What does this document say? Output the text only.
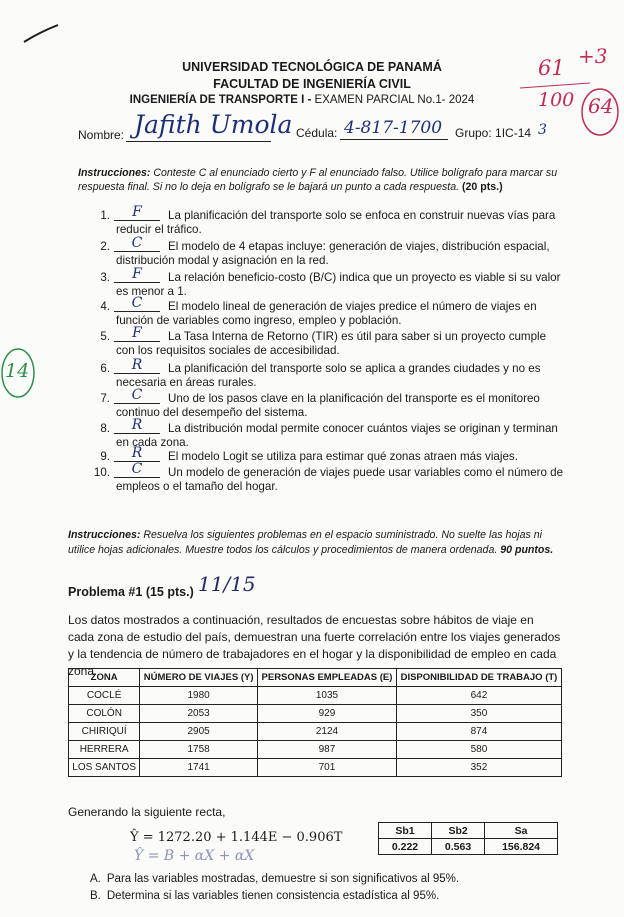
UNIVERSIDAD TECNOLÓGICA DE PANAMÁ
FACULTAD DE INGENIERÍA CIVIL
INGENIERÍA DE TRANSPORTE I - EXAMEN PARCIAL No.1- 2024
61 +3
100 64
Nombre: Jafith Umola Cédula: 4-817-1700 Grupo: 1IC-14 3
Instrucciones: Conteste C al enunciado cierto y F al enunciado falso. Utilice bolígrafo para marcar su respuesta final. Si no lo deja en bolígrafo se le bajará un punto a cada respuesta. (20 pts.)
14
La planificación del transporte solo se enfoca en construir nuevas vías para reducir el tráfico.
1.	F
El modelo de 4 etapas incluye: generación de viajes, distribución espacial, distribución modal y asignación en la red.
2.	C
La relación beneficio-costo (B/C) indica que un proyecto es viable si su valor es menor a 1.
3.	F
El modelo lineal de generación de viajes predice el número de viajes en función de variables como ingreso, empleo y población.
4.	C
La Tasa Interna de Retorno (TIR) es útil para saber si un proyecto cumple con los requisitos sociales de accesibilidad.
5.	F
La planificación del transporte solo se aplica a grandes ciudades y no es necesaria en áreas rurales.
6.	R
Uno de los pasos clave en la planificación del transporte es el monitoreo continuo del desempeño del sistema.
7.	C
La distribución modal permite conocer cuántos viajes se originan y terminan en cada zona.
8.	R
El modelo Logit se utiliza para estimar qué zonas atraen más viajes.
9.	R
Un modelo de generación de viajes puede usar variables como el número de empleos o el tamaño del hogar.
10.	C
Instrucciones: Resuelva los siguientes problemas en el espacio suministrado. No suelte las hojas ni utilice hojas adicionales. Muestre todos los cálculos y procedimientos de manera ordenada. 90 puntos.
Problema #1 (15 pts.) 11/15
Los datos mostrados a continuación, resultados de encuestas sobre hábitos de viaje en cada zona de estudio del país, demuestran una fuerte correlación entre los viajes generados y la tendencia de número de trabajadores en el hogar y la disponibilidad de empleo en cada zona
ZONA	NÚMERO DE VIAJES (Y)	PERSONAS EMPLEADAS (E)	DISPONIBILIDAD DE TRABAJO (T)
COCLÉ	1980	1035	642
COLÓN	2053	929	350
CHIRIQUÍ	2905	2124	874
HERRERA	1758	987	580
LOS SANTOS	1741	701	352
Generando la siguiente recta,
Ŷ = 1272.20 + 1.144E − 0.906T
Ŷ = B + αX + αX
Sb1	Sb2	Sa
0.222	0.563	156.824
A. Para las variables mostradas, demuestre si son significativos al 95%.
B. Determina si las variables tienen consistencia estadística al 95%.
